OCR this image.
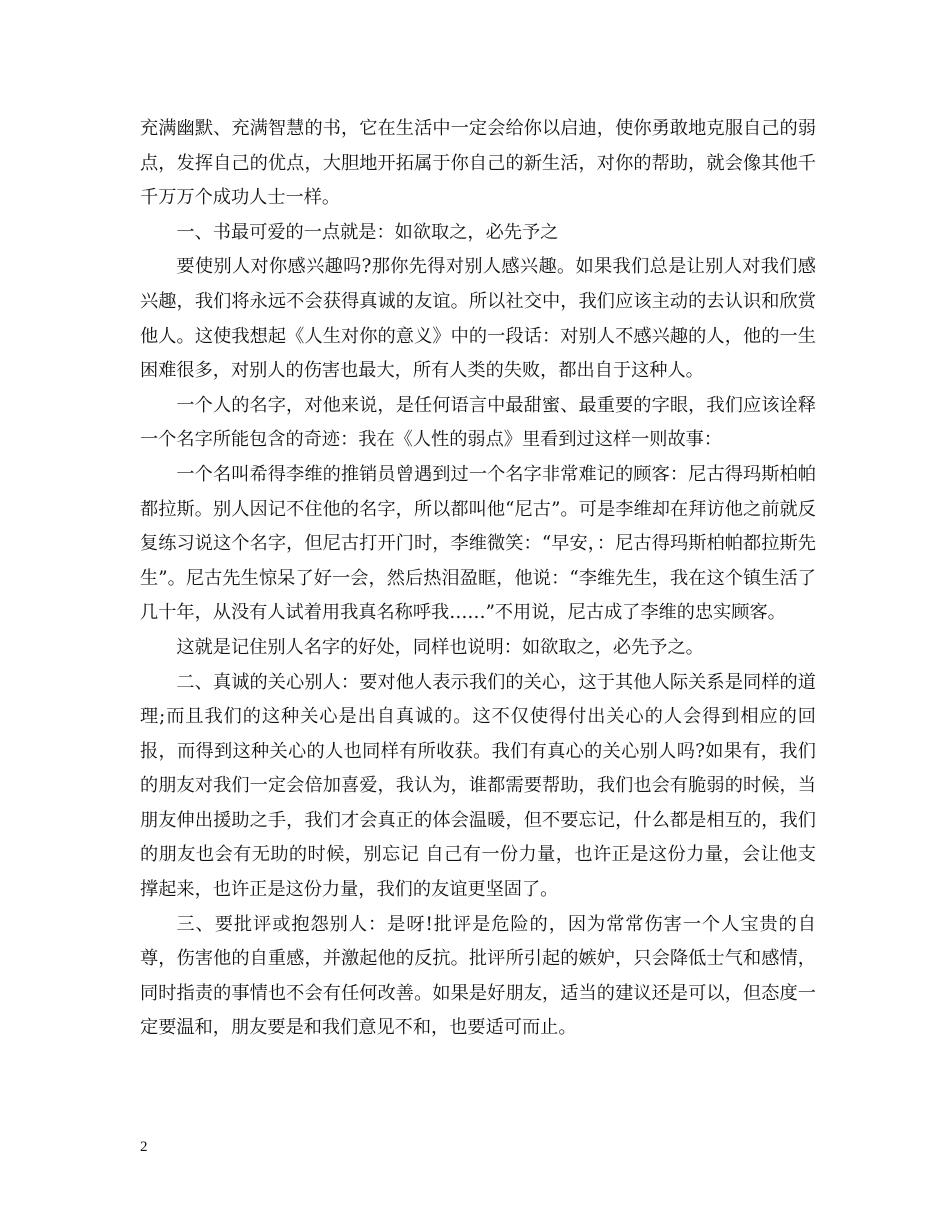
充满幽默、充满智慧的书，它在生活中一定会给你以启迪，使你勇敢地克服自己的弱点，发挥自己的优点，大胆地开拓属于你自己的新生活，对你的帮助，就会像其他千千万万个成功人士一样。

一、书最可爱的一点就是：如欲取之，必先予之

要使别人对你感兴趣吗?那你先得对别人感兴趣。如果我们总是让别人对我们感兴趣，我们将永远不会获得真诚的友谊。所以社交中，我们应该主动的去认识和欣赏他人。这使我想起《人生对你的意义》中的一段话：对别人不感兴趣的人，他的一生困难很多，对别人的伤害也最大，所有人类的失败，都出自于这种人。

一个人的名字，对他来说，是任何语言中最甜蜜、最重要的字眼，我们应该诠释一个名字所能包含的奇迹：我在《人性的弱点》里看到过这样一则故事：

一个名叫希得李维的推销员曾遇到过一个名字非常难记的顾客：尼古得玛斯柏帕都拉斯。别人因记不住他的名字，所以都叫他“尼古”。可是李维却在拜访他之前就反复练习说这个名字，但尼古打开门时，李维微笑：“早安，：尼古得玛斯柏帕都拉斯先生”。尼古先生惊呆了好一会，然后热泪盈眶，他说：“李维先生，我在这个镇生活了几十年，从没有人试着用我真名称呼我……”不用说，尼古成了李维的忠实顾客。

这就是记住别人名字的好处，同样也说明：如欲取之，必先予之。

二、真诚的关心别人：要对他人表示我们的关心，这于其他人际关系是同样的道理;而且我们的这种关心是出自真诚的。这不仅使得付出关心的人会得到相应的回报，而得到这种关心的人也同样有所收获。我们有真心的关心别人吗?如果有，我们的朋友对我们一定会倍加喜爱，我认为，谁都需要帮助，我们也会有脆弱的时候，当朋友伸出援助之手，我们才会真正的体会温暖，但不要忘记，什么都是相互的，我们的朋友也会有无助的时候，别忘记 自己有一份力量，也许正是这份力量，会让他支撑起来，也许正是这份力量，我们的友谊更坚固了。

三、要批评或抱怨别人：是呀!批评是危险的，因为常常伤害一个人宝贵的自尊，伤害他的自重感，并激起他的反抗。批评所引起的嫉妒，只会降低士气和感情，同时指责的事情也不会有任何改善。如果是好朋友，适当的建议还是可以，但态度一定要温和，朋友要是和我们意见不和，也要适可而止。

2
